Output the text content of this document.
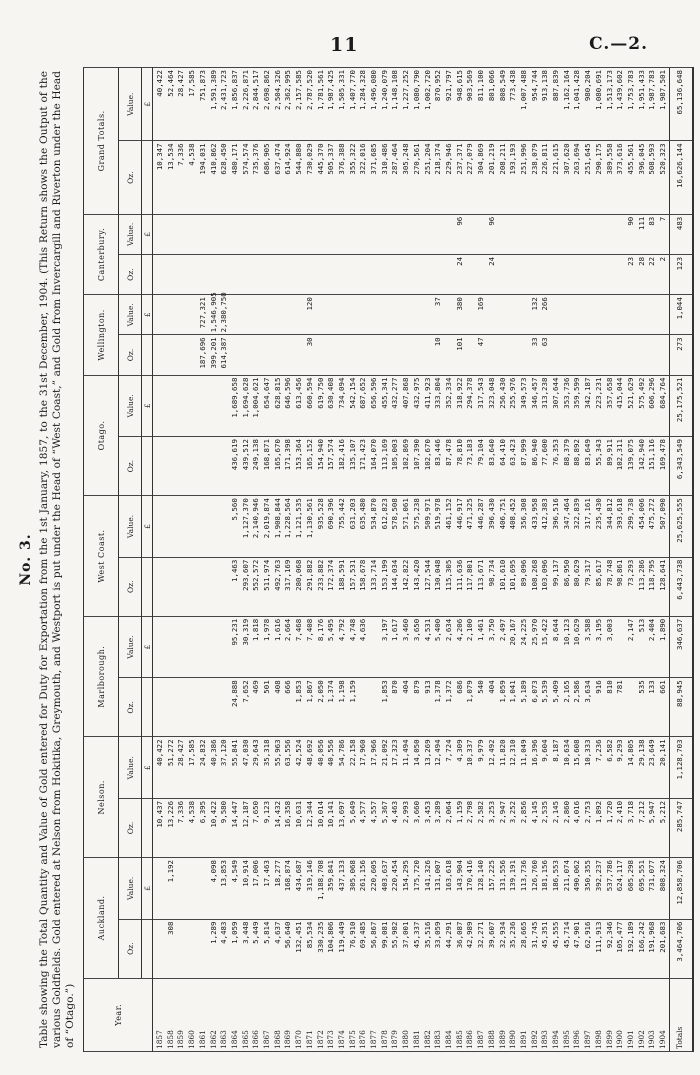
11	C.—2.
No. 3. Table showing the Total Quantity and Value of Gold entered for Duty for Exportation from the 1st January, 1857, to the 31st December, 1904. (This Return shows the Output of the various Goldfields. Gold entered at Nelson from Hokitika, Greymouth, and Westport is put under the Head of “West Coast,” and Gold from Invercargill and Riverton under the Head of “Otago.”)	Year.	Auckland.		Nelson.		Marlborough.		West Coast.		Otago.		Wellington.		Canterbury.		Grand Totals.	
	Oz.	Value.	Oz.	Value.	Oz.	Value.	Oz.	Value.	Oz.	Value.	Oz.	Value.	Oz.	Value.	Oz.	Value.
		£		£		£		£		£		£		£		£
1857			10,437	40,422											10,347	40,422
1858	308	1,192	13,226	51,272											13,534	52,464
1859			7,336	28,427											7,336	28,427
1860			4,538	17,585											4,538	17,585
1861			6,395	24,832							187,696	727,321			194,031	751,873
1862	1,289	4,098	10,422	40,386							399,201	1,546,905			410,862	1,591,389
1863	4,483	13,853	9,580	37,120							614,387	2,380,750			628,450	2,431,723
1864	1,059	4,549	14,447	55,841	24,888	95,231	1,463	5,560	436,619	1,689,658					480,171	1,856,837
1865	3,448	10,914	12,187	47,030	7,652	30,319	293,607	1,127,370	439,512	1,694,628					574,574	2,226,871
1866	5,449	17,006	7,650	29,643	469	1,818	552,572	2,140,946	249,138	1,004,621					735,376	2,844,517
1867	5,814	17,463	9,123	35,318	501	1,978	511,974	2,019,874	168,871	654,647					686,905	2,698,862
1868	4,637	18,277	14,432	55,963	408	1,616	492,763	1,908,844	165,670	628,815					637,474	2,504,326
1869	56,640	168,874	16,358	63,556	666	2,664	317,169	1,228,564	171,398	646,596					614,924	2,362,995
1870	132,451	434,687	10,631	42,524	1,853	7,468	280,068	1,121,535	153,364	613,456					544,880	2,157,585
1871	85,534	319,146	12,344	48,692	1,867	7,408	291,882	1,130,561	165,152	660,594	30	120			730,029	2,787,520
1872	330,235	1,188,708	10,014	40,056	2,050	8,176	233,882	935,528	154,940	619,750					445,370	1,781,561
1873	104,806	359,841	10,141	40,556	1,374	5,495	172,374	690,396	157,574	630,408					505,337	1,987,425
1874	119,449	437,133	13,697	54,786	1,198	4,792	188,591	755,442	182,416	734,094					376,388	1,505,331
1875	76,910	305,068	5,649	22,158	1,159	4,748	157,531	631,203	135,107	542,154					355,322	1,407,770
1876	69,485	261,156	4,577	17,960		4,636	158,678	635,480	171,423	687,652					322,016	1,284,328
1877	56,867	220,605	4,557	17,966			133,714	534,870	164,070	656,596					371,685	1,496,080
1878	99,081	403,637	5,367	21,092	1,853	3,197	153,199	612,823	113,169	455,341					310,486	1,240,079
1879	55,982	220,454	4,463	17,323	870	1,617	144,034	578,508	105,003	432,277					287,464	1,148,108
1880	37,001	154,295	2,993	11,494	404	3,460	142,822	571,061	102,869	407,868					305,248	1,227,252
1881	45,337	175,720	3,660	14,050	879	3,650	143,420	575,238	107,390	432,975					270,561	1,080,790
1882	35,516	141,326	3,453	13,269	913	4,531	127,544	509,971	102,670	411,923					251,204	1,002,720
1883	33,059	131,007	3,289	12,494	1,378	5,400	130,048	519,978	83,446	333,804	10	37			218,374	870,952
1884	44,291	163,618	2,064	7,724	1,372	2,634	115,305	461,152	87,478	352,334					229,946	921,797
1885	36,087	143,904	1,159	4,309	686	4,206	111,636	446,917	78,810	318,922	101	380	24	96	237,371	948,615
1886	42,989	170,416	2,798	10,337	1,079	2,100	117,801	471,325	73,183	294,378					227,079	903,569
1887	32,271	128,140	2,582	9,979	540	1,461	113,671	446,287	79,104	317,543	47	169			304,869	811,100
1888	39,607	157,225	3,253	12,492	404	3,750	98,734	396,430	83,640	323,048			24	96	201,219	801,066
1889	32,934	131,556	2,947	11,820	1,059	2,497	101,610	406,751	64,410	256,430					208,211	808,549
1890	35,236	139,191	3,252	12,310	1,041	20,167	101,695	408,452	63,423	255,976					193,193	773,438
1891	28,665	113,736	2,856	11,049	5,189	24,225	89,096	356,308	87,999	349,573					251,996	1,007,488
1892	31,745	126,760	4,145	16,396	6,073	25,970	108,268	433,958	86,940	346,457	33	132			238,079	954,744
1893	45,351	181,156	2,535	9,604	5,539	15,422	103,096	412,383	77,600	313,238	63	266			226,811	913,138
1894	45,555	186,553	2,145	8,187	5,409	8,644	99,137	396,516	76,353	307,644					221,615	887,839
1895	45,714	211,074	2,860	10,634	2,165	10,123	86,950	347,464	88,379	353,736					307,620	1,162,164
1896	47,901	490,062	4,016	15,608	2,586	10,629	80,629	322,839	88,892	359,599					263,694	1,041,428
1897	62,916	350,355	2,753	10,333	3,634	3,588	79,317	317,161	83,649	342,187					251,645	980,204
1898	111,913	392,237	1,892	7,236	916	3,195	85,617	235,430	55,343	223,231					290,175	1,080,691
1899	92,346	537,786	1,720	6,582	810	3,003	78,748	344,812	89,911	357,658					389,558	1,513,173
1900	105,477	624,117	2,410	9,293	781		98,861	393,618	102,311	415,044					373,616	1,439,602
1901	192,189	605,298	3,718	14,805		2,147	73,293	299,738	139,075	521,629			23	90	455,561	1,753,783
1902	166,242	695,551	7,212	29,138	535	513	113,286	454,006	142,940	575,492			28	111	396,045	1,951,433
1903	191,968	731,077	5,947	23,649	133	2,404	118,795	475,272	151,116	606,296			22	83	508,593	1,987,783
1904	201,683	808,324	5,212	20,141	661	1,890	128,641	507,090	169,478	684,764			2	7	520,323	1,987,501
Totals	3,464,706	12,858,706	285,747	1,128,703	88,945	346,637	6,443,738	25,625,555	6,343,549	25,175,521	273	1,044	123	483	16,626,144	65,136,648
